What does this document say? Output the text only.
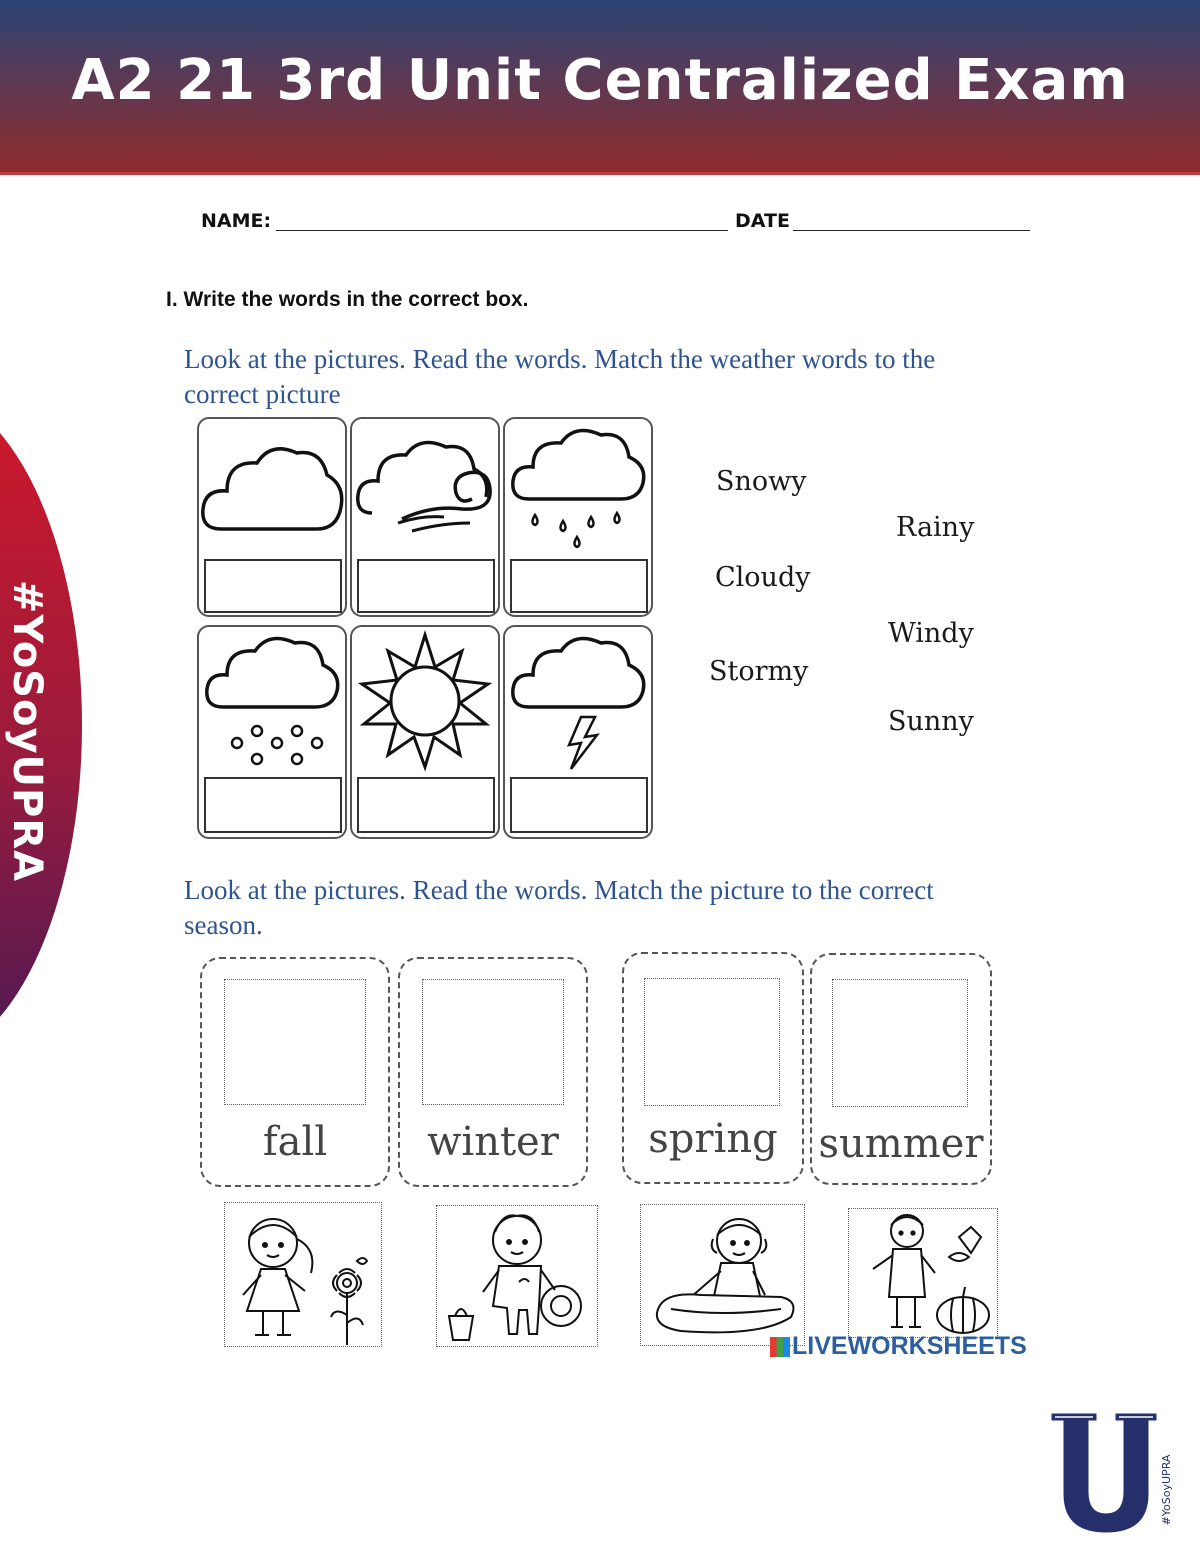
A2 21 3rd Unit Centralized Exam
#YoSoyUPRA
NAME:	DATE
I. Write the words in the correct box.
Look at the pictures. Read the words. Match the weather words to the
correct picture
Snowy
Rainy
Cloudy
Windy
Stormy
Sunny
Look at the pictures. Read the words. Match the picture to the correct
season.
fall	winter	spring	summer
LIVEWORKSHEETS
#YoSoyUPRA
